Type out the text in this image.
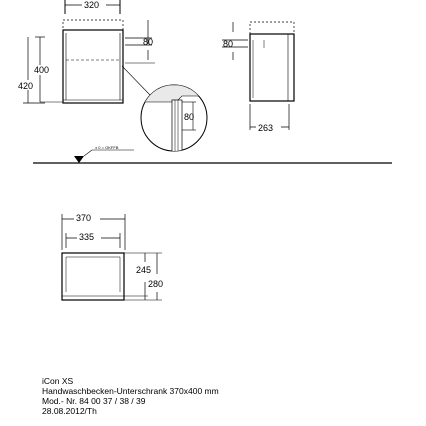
320
80
400
420
80
80
263
± 0 = OKFFB
370
335
245
280
iCon XS
Handwaschbecken-Unterschrank 370x400 mm
Mod.- Nr. 84 00 37 / 38 / 39
28.08.2012/Th
